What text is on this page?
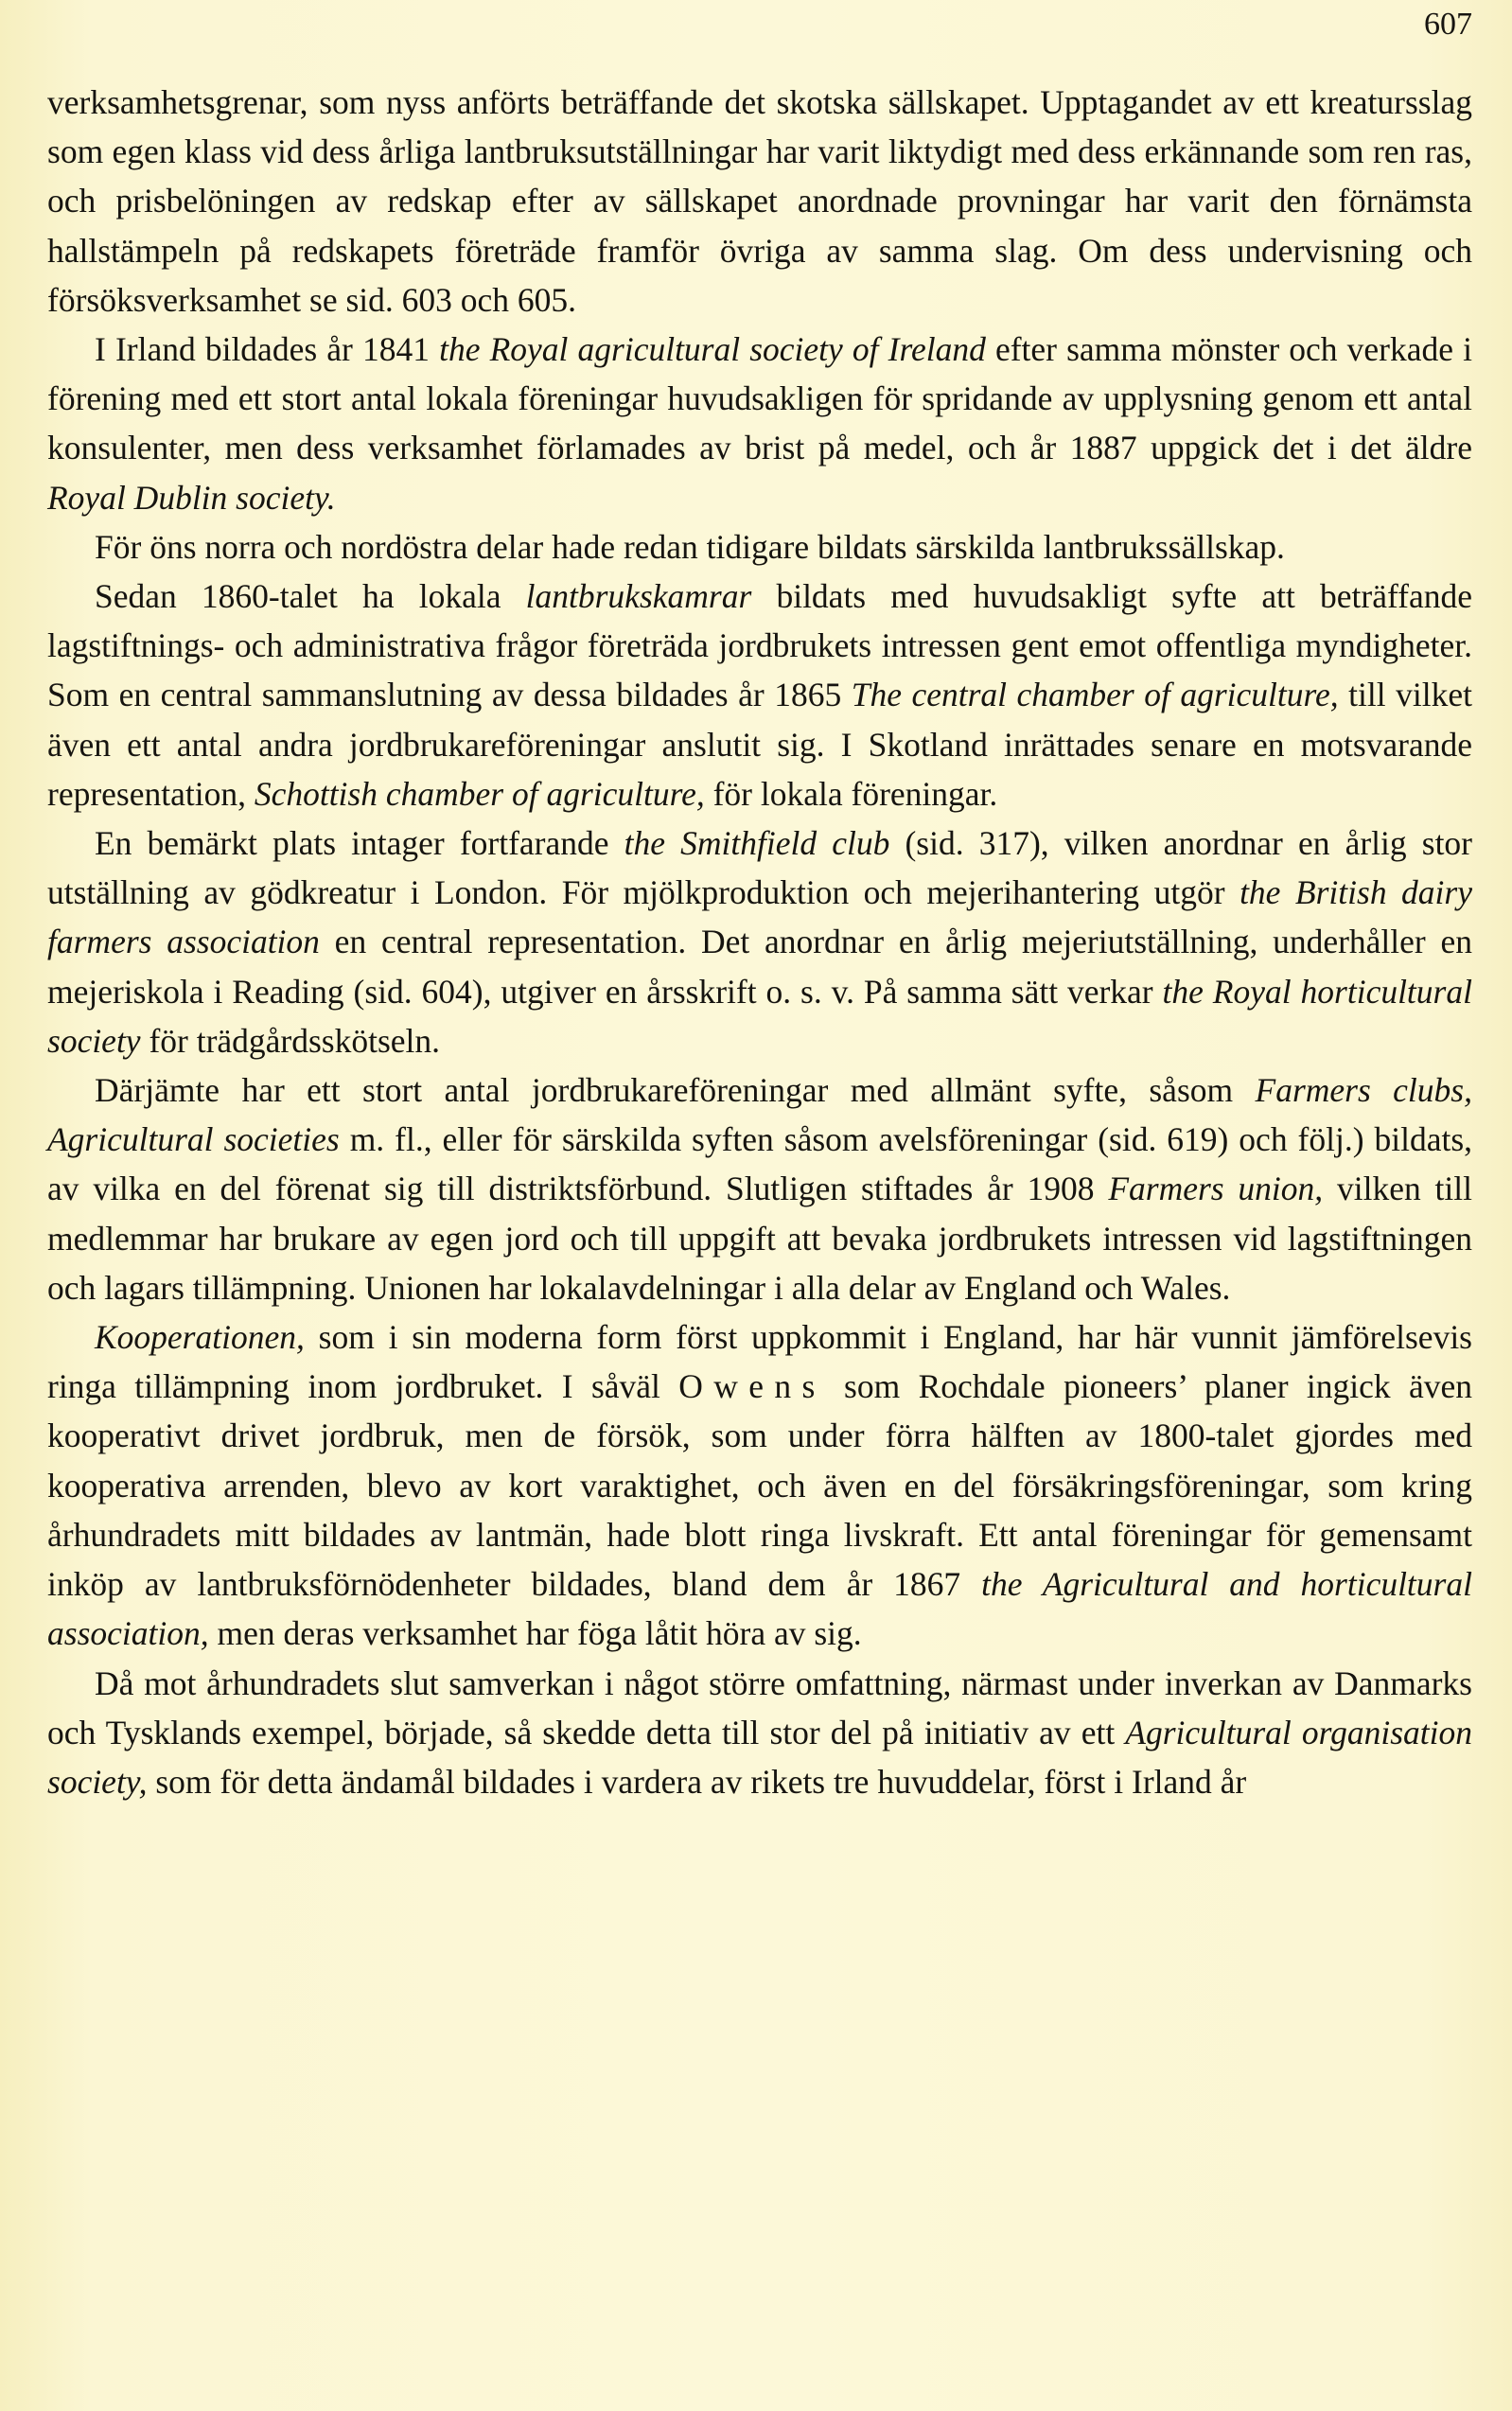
607

verksamhetsgrenar, som nyss anförts beträffande det skotska sällskapet. Upptagandet av ett kreatursslag som egen klass vid dess årliga lantbruksutställningar har varit liktydigt med dess erkännande som ren ras, och prisbelöningen av redskap efter av sällskapet anordnade provningar har varit den förnämsta hallstämpeln på redskapets företräde framför övriga av samma slag. Om dess undervisning och försöksverksamhet se sid. 603 och 605.

I Irland bildades år 1841 the Royal agricultural society of Ireland efter samma mönster och verkade i förening med ett stort antal lokala föreningar huvudsakligen för spridande av upplysning genom ett antal konsulenter, men dess verksamhet förlamades av brist på medel, och år 1887 uppgick det i det äldre Royal Dublin society.

För öns norra och nordöstra delar hade redan tidigare bildats särskilda lantbrukssällskap.

Sedan 1860-talet ha lokala lantbrukskamrar bildats med huvudsakligt syfte att beträffande lagstiftnings- och administrativa frågor företräda jordbrukets intressen gent emot offentliga myndigheter. Som en central sammanslutning av dessa bildades år 1865 The central chamber of agriculture, till vilket även ett antal andra jordbrukareföreningar anslutit sig. I Skotland inrättades senare en motsvarande representation, Schottish chamber of agriculture, för lokala föreningar.

En bemärkt plats intager fortfarande the Smithfield club (sid. 317), vilken anordnar en årlig stor utställning av gödkreatur i London. För mjölkproduktion och mejerihantering utgör the British dairy farmers association en central representation. Det anordnar en årlig mejeriutställning, underhåller en mejeriskola i Reading (sid. 604), utgiver en årsskrift o. s. v. På samma sätt verkar the Royal horticultural society för trädgårdsskötseln.

Därjämte har ett stort antal jordbrukareföreningar med allmänt syfte, såsom Farmers clubs, Agricultural societies m. fl., eller för särskilda syften såsom avelsföreningar (sid. 619) och följ.) bildats, av vilka en del förenat sig till distriktsförbund. Slutligen stiftades år 1908 Farmers union, vilken till medlemmar har brukare av egen jord och till uppgift att bevaka jordbrukets intressen vid lagstiftningen och lagars tillämpning. Unionen har lokalavdelningar i alla delar av England och Wales.

Kooperationen, som i sin moderna form först uppkommit i England, har här vunnit jämförelsevis ringa tillämpning inom jordbruket. I såväl Owens som Rochdale pioneers’ planer ingick även kooperativt drivet jordbruk, men de försök, som under förra hälften av 1800-talet gjordes med kooperativa arrenden, blevo av kort varaktighet, och även en del försäkringsföreningar, som kring århundradets mitt bildades av lantmän, hade blott ringa livskraft. Ett antal föreningar för gemensamt inköp av lantbruksförnödenheter bildades, bland dem år 1867 the Agricultural and horticultural association, men deras verksamhet har föga låtit höra av sig.

Då mot århundradets slut samverkan i något större omfattning, närmast under inverkan av Danmarks och Tysklands exempel, började, så skedde detta till stor del på initiativ av ett Agricultural organisation society, som för detta ändamål bildades i vardera av rikets tre huvuddelar, först i Irland år
